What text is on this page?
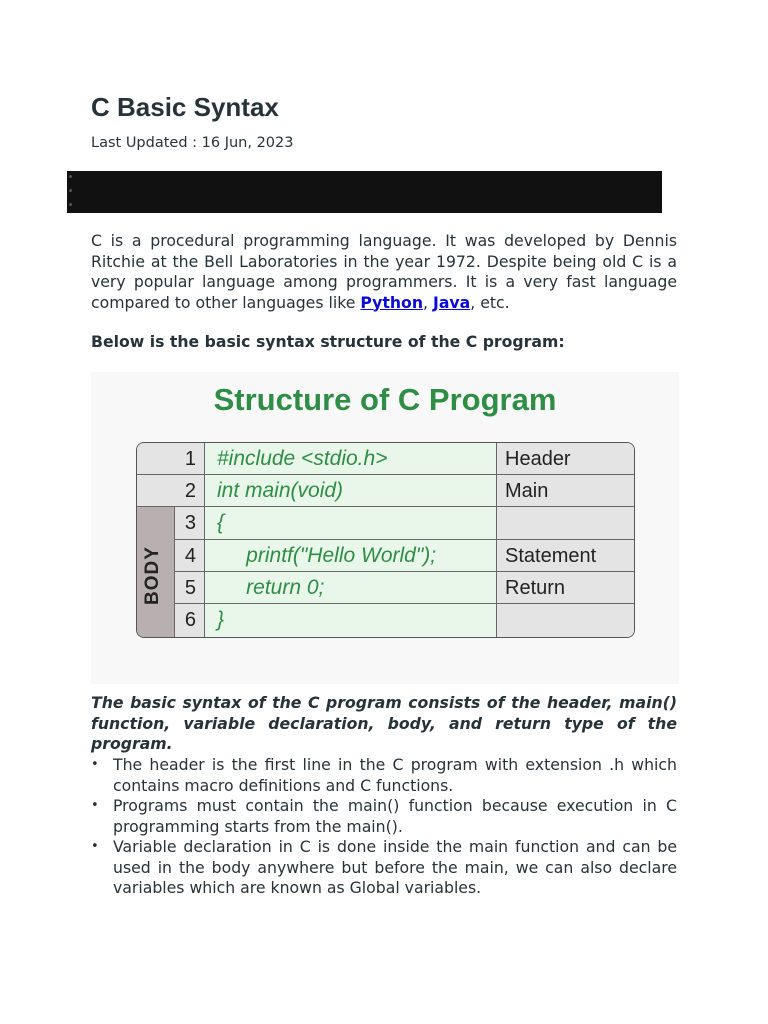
C Basic Syntax
Last Updated : 16 Jun, 2023

C is a procedural programming language. It was developed by Dennis Ritchie at the Bell Laboratories in the year 1972. Despite being old C is a very popular language among programmers. It is a very fast language compared to other languages like Python, Java, etc.

Below is the basic syntax structure of the C program:
Structure of C Program
BODY
1	#include <stdio.h>	Header
2	int main(void)	Main
3	{
4	printf("Hello World");	Statement
5	return 0;	Return
6	}

The basic syntax of the C program consists of the header, main() function, variable declaration, body, and return type of the program.

• The header is the first line in the C program with extension .h which contains macro definitions and C functions.
• Programs must contain the main() function because execution in C programming starts from the main().
• Variable declaration in C is done inside the main function and can be used in the body anywhere but before the main, we can also declare variables which are known as Global variables.
